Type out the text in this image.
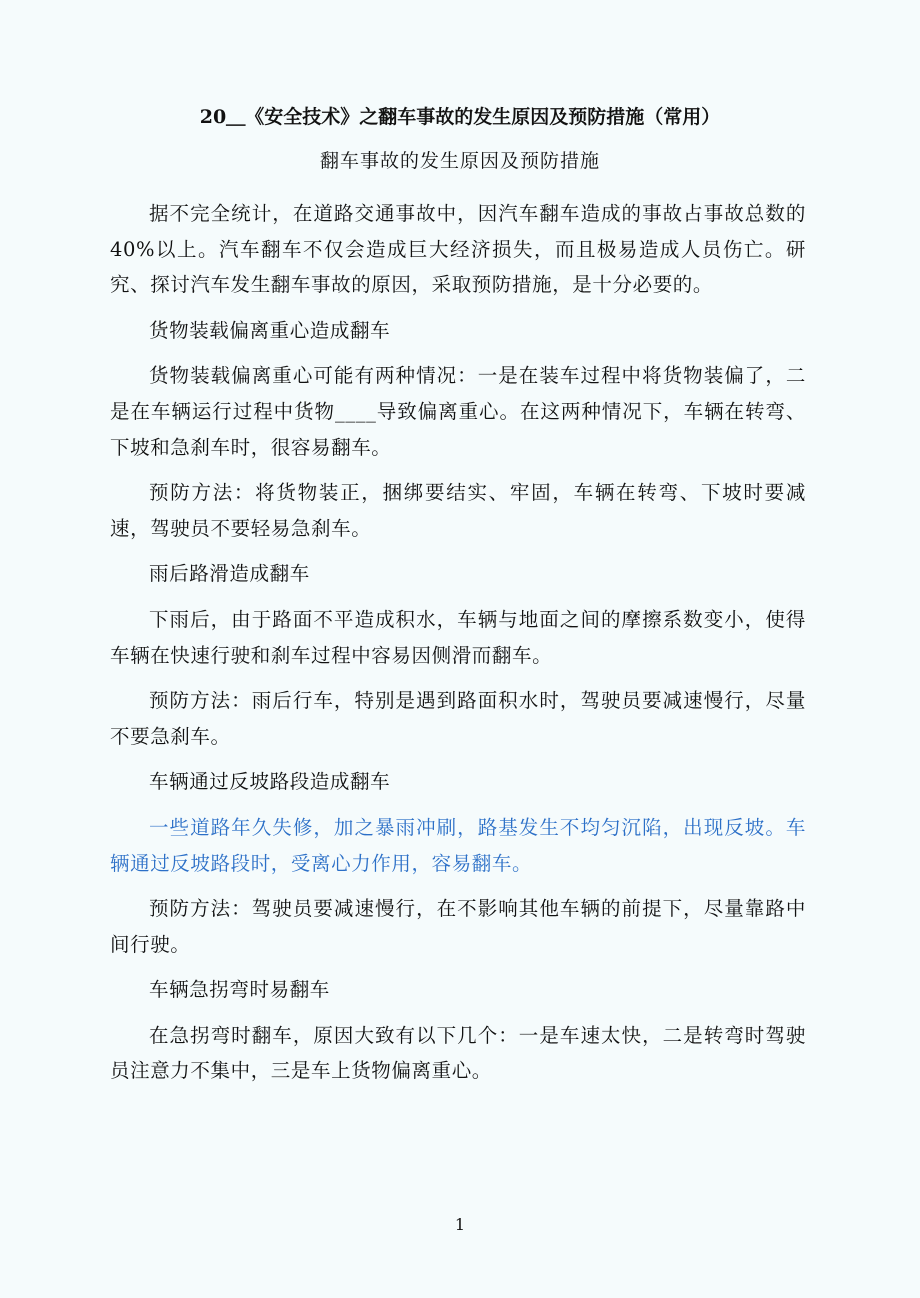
20＿《安全技术》之翻车事故的发生原因及预防措施（常用）
翻车事故的发生原因及预防措施

据不完全统计，在道路交通事故中，因汽车翻车造成的事故占事故总数的40%以上。汽车翻车不仅会造成巨大经济损失，而且极易造成人员伤亡。研究、探讨汽车发生翻车事故的原因，采取预防措施，是十分必要的。

货物装载偏离重心造成翻车

货物装载偏离重心可能有两种情况：一是在装车过程中将货物装偏了，二是在车辆运行过程中货物____导致偏离重心。在这两种情况下，车辆在转弯、下坡和急刹车时，很容易翻车。

预防方法：将货物装正，捆绑要结实、牢固，车辆在转弯、下坡时要减速，驾驶员不要轻易急刹车。

雨后路滑造成翻车

下雨后，由于路面不平造成积水，车辆与地面之间的摩擦系数变小，使得车辆在快速行驶和刹车过程中容易因侧滑而翻车。

预防方法：雨后行车，特别是遇到路面积水时，驾驶员要减速慢行，尽量不要急刹车。

车辆通过反坡路段造成翻车

一些道路年久失修，加之暴雨冲刷，路基发生不均匀沉陷，出现反坡。车辆通过反坡路段时，受离心力作用，容易翻车。

预防方法：驾驶员要减速慢行，在不影响其他车辆的前提下，尽量靠路中间行驶。

车辆急拐弯时易翻车

在急拐弯时翻车，原因大致有以下几个：一是车速太快，二是转弯时驾驶员注意力不集中，三是车上货物偏离重心。

1
